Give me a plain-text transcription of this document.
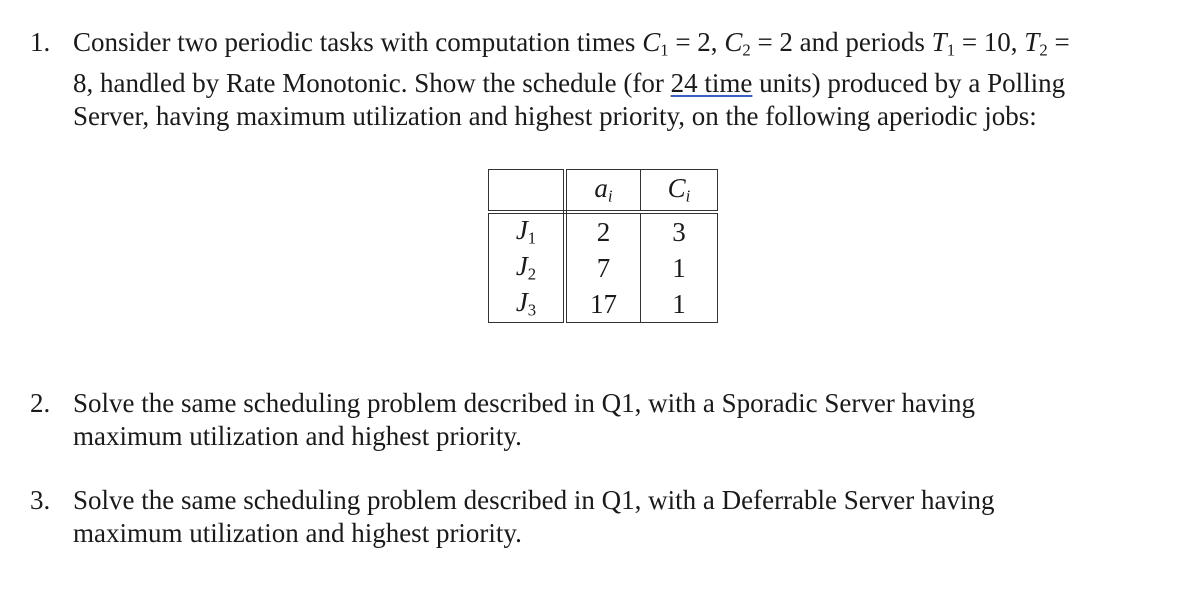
1. Consider two periodic tasks with computation times $C_1 = 2$, $C_2 = 2$ and periods $T_1 = 10$, $T_2$ =
8, handled by Rate Monotonic. Show the schedule (for 24 time units) produced by a Polling
Server, having maximum utilization and highest priority, on the following aperiodic jobs:
	$a_i$	$C_i$
$J_1$	2	3
$J_2$	7	1
$J_3$	17	1
2. Solve the same scheduling problem described in Q1, with a Sporadic Server having
maximum utilization and highest priority.
3. Solve the same scheduling problem described in Q1, with a Deferrable Server having
maximum utilization and highest priority.
